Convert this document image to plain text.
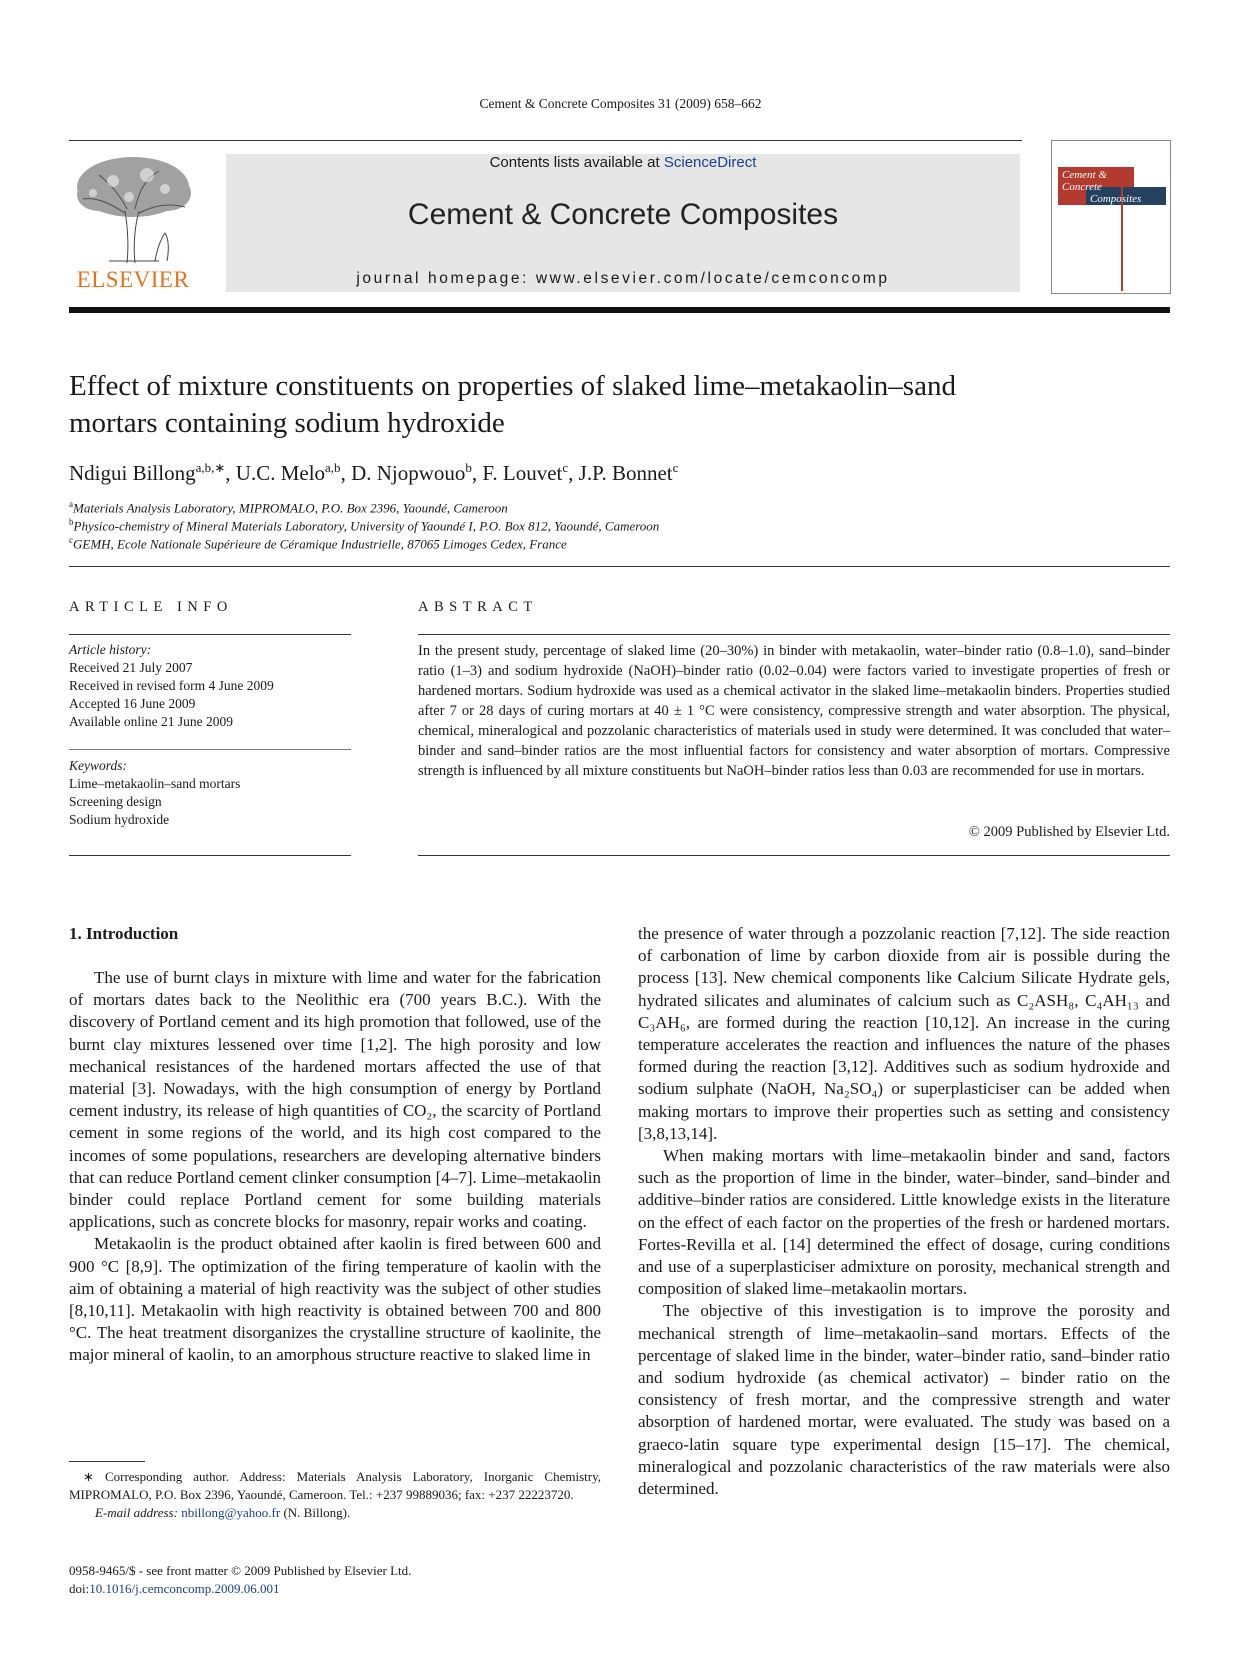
Cement & Concrete Composites 31 (2009) 658–662
ELSEVIER
Contents lists available at ScienceDirect
Cement & Concrete Composites
journal homepage: www.elsevier.com/locate/cemconcomp
Cement &
Concrete
Composites
Effect of mixture constituents on properties of slaked lime–metakaolin–sand
mortars containing sodium hydroxide
Ndigui Billong$^{a,b,∗}$, U.C. Melo$^{a,b}$, D. Njopwouo$^b$, F. Louvet$^c$, J.P. Bonnet$^c$
$^a$Materials Analysis Laboratory, MIPROMALO, P.O. Box 2396, Yaoundé, Cameroon
$^b$Physico-chemistry of Mineral Materials Laboratory, University of Yaoundé I, P.O. Box 812, Yaoundé, Cameroon
$^c$GEMH, Ecole Nationale Supérieure de Céramique Industrielle, 87065 Limoges Cedex, France
ARTICLE INFO
Article history:
Received 21 July 2007
Received in revised form 4 June 2009
Accepted 16 June 2009
Available online 21 June 2009
Keywords:
Lime–metakaolin–sand mortars
Screening design
Sodium hydroxide
ABSTRACT
In the present study, percentage of slaked lime (20–30%) in binder with metakaolin, water–binder ratio (0.8–1.0), sand–binder ratio (1–3) and sodium hydroxide (NaOH)–binder ratio (0.02–0.04) were factors varied to investigate properties of fresh or hardened mortars. Sodium hydroxide was used as a chemical activator in the slaked lime–metakaolin binders. Properties studied after 7 or 28 days of curing mortars at 40 ± 1 °C were consistency, compressive strength and water absorption. The physical, chemical, mineralogical and pozzolanic characteristics of materials used in study were determined. It was concluded that water–binder and sand–binder ratios are the most influential factors for consistency and water absorption of mortars. Compressive strength is influenced by all mixture constituents but NaOH–binder ratios less than 0.03 are recommended for use in mortars.
© 2009 Published by Elsevier Ltd.
1. Introduction

The use of burnt clays in mixture with lime and water for the fabrication of mortars dates back to the Neolithic era (700 years B.C.). With the discovery of Portland cement and its high promotion that followed, use of the burnt clay mixtures lessened over time [1,2]. The high porosity and low mechanical resistances of the hardened mortars affected the use of that material [3]. Nowadays, with the high consumption of energy by Portland cement industry, its release of high quantities of CO₂, the scarcity of Portland cement in some regions of the world, and its high cost compared to the incomes of some populations, researchers are developing alternative binders that can reduce Portland cement clinker consumption [4–7]. Lime–metakaolin binder could replace Portland cement for some building materials applications, such as concrete blocks for masonry, repair works and coating.

Metakaolin is the product obtained after kaolin is fired between 600 and 900 °C [8,9]. The optimization of the firing temperature of kaolin with the aim of obtaining a material of high reactivity was the subject of other studies [8,10,11]. Metakaolin with high reactivity is obtained between 700 and 800 °C. The heat treatment disorganizes the crystalline structure of kaolinite, the major mineral of kaolin, to an amorphous structure reactive to slaked lime in

the presence of water through a pozzolanic reaction [7,12]. The side reaction of carbonation of lime by carbon dioxide from air is possible during the process [13]. New chemical components like Calcium Silicate Hydrate gels, hydrated silicates and aluminates of calcium such as C₂ASH₈, C₄AH₁₃ and C₃AH₆, are formed during the reaction [10,12]. An increase in the curing temperature accelerates the reaction and influences the nature of the phases formed during the reaction [3,12]. Additives such as sodium hydroxide and sodium sulphate (NaOH, Na₂SO₄) or superplasticiser can be added when making mortars to improve their properties such as setting and consistency [3,8,13,14].

When making mortars with lime–metakaolin binder and sand, factors such as the proportion of lime in the binder, water–binder, sand–binder and additive–binder ratios are considered. Little knowledge exists in the literature on the effect of each factor on the properties of the fresh or hardened mortars. Fortes-Revilla et al. [14] determined the effect of dosage, curing conditions and use of a superplasticiser admixture on porosity, mechanical strength and composition of slaked lime–metakaolin mortars.

The objective of this investigation is to improve the porosity and mechanical strength of lime–metakaolin–sand mortars. Effects of the percentage of slaked lime in the binder, water–binder ratio, sand–binder ratio and sodium hydroxide (as chemical activator) – binder ratio on the consistency of fresh mortar, and the compressive strength and water absorption of hardened mortar, were evaluated. The study was based on a graeco-latin square type experimental design [15–17]. The chemical, mineralogical and pozzolanic characteristics of the raw materials were also determined.

∗ Corresponding author. Address: Materials Analysis Laboratory, Inorganic Chemistry, MIPROMALO, P.O. Box 2396, Yaoundé, Cameroon. Tel.: +237 99889036; fax: +237 22223720.
E-mail address: nbillong@yahoo.fr (N. Billong).
0958-9465/$ - see front matter © 2009 Published by Elsevier Ltd.
doi:10.1016/j.cemconcomp.2009.06.001
